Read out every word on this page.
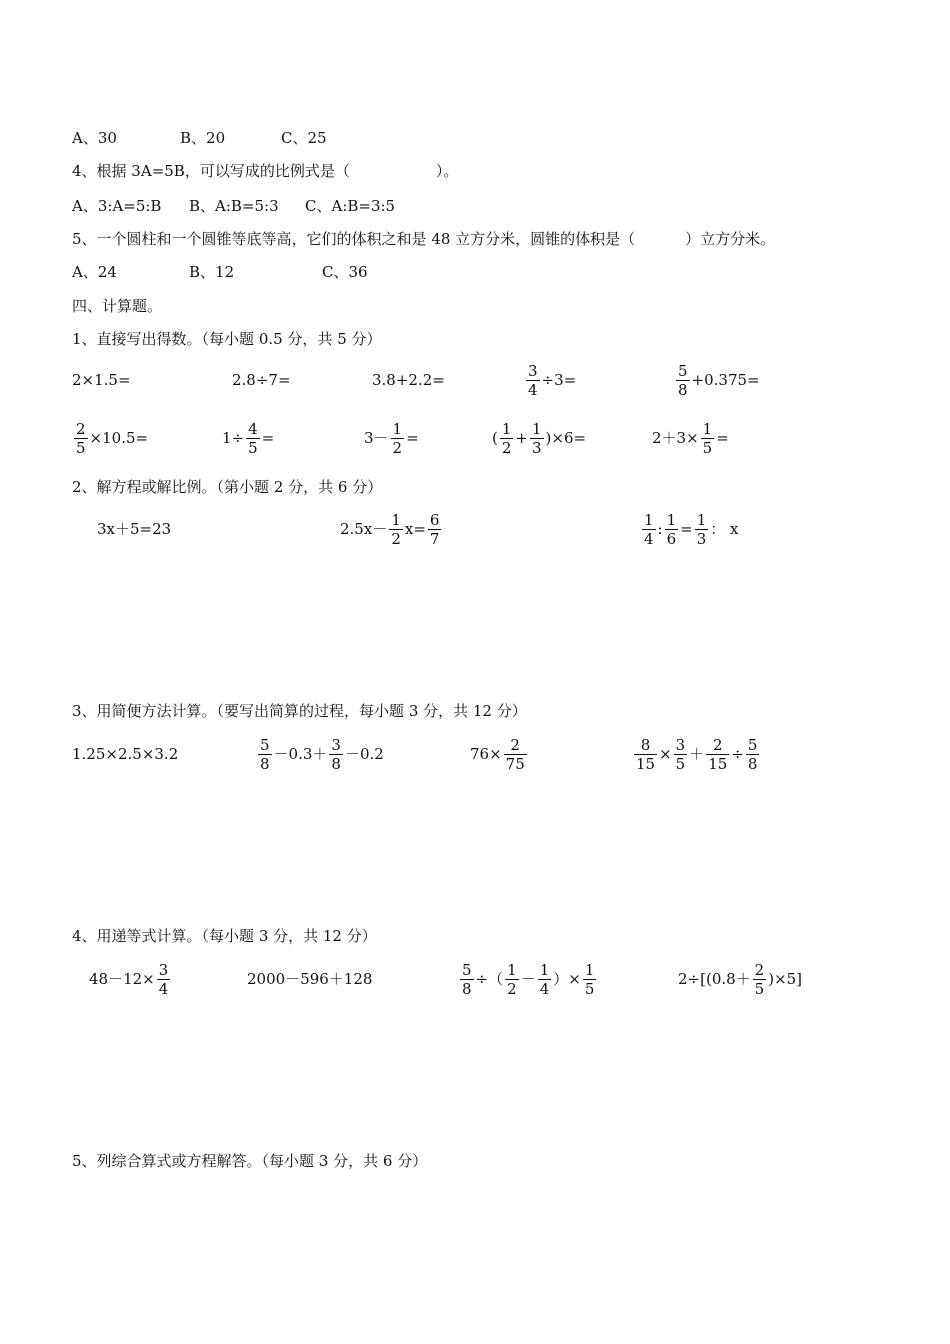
A、30	B、20	C、25
4、根据 3A=5B，可以写成的比例式是（	）。
A、3:A=5:B B、A:B=5:3 C、A:B=3:5
5、一个圆柱和一个圆锥等底等高，它们的体积之和是 48 立方分米，圆锥的体积是（	）立方分米。
A、24	B、12	C、36
四、计算题。
1、直接写出得数。（每小题 0.5 分，共 5 分）
2×1.5=	2.8÷7=	3.8+2.2=	$\frac{3}{4} \div 3=$	$\frac{5}{8} +0.375=$
$\frac{2}{5} \times 10.5=$	$1\div \frac{4}{5}$ =	$3- \frac{1}{2}$ =	( $\frac{1}{2} + \frac{1}{3} )\times 6=$	$2+3\times \frac{1}{5}$ =
2、解方程或解比例。（第小题 2 分，共 6 分）
3x＋5=23	$2.5x- \frac{1}{2} x= \frac{6}{7}$	$\frac{1}{4}$ : $\frac{1}{6} = \frac{1}{3}$ ： x
3、用简便方法计算。（要写出简算的过程，每小题 3 分，共 12 分）
1.25×2.5×3.2	$\frac{5}{8} -0.3+ \frac{3}{8} -0.2$	$76\times \frac{2}{75}$	$\frac{8}{15} \times \frac{3}{5} + \frac{2}{15} \div \frac{5}{8}$
4、用递等式计算。（每小题 3 分，共 12 分）
$48-12\times \frac{3}{4}$	2000－596＋128	$\frac{5}{8}$ ÷（ $\frac{1}{2} - \frac{1}{4}$ ）× $\frac{1}{5}$	$2\div[(0.8+ \frac{2}{5} )\times 5]$
5、列综合算式或方程解答。（每小题 3 分，共 6 分）
